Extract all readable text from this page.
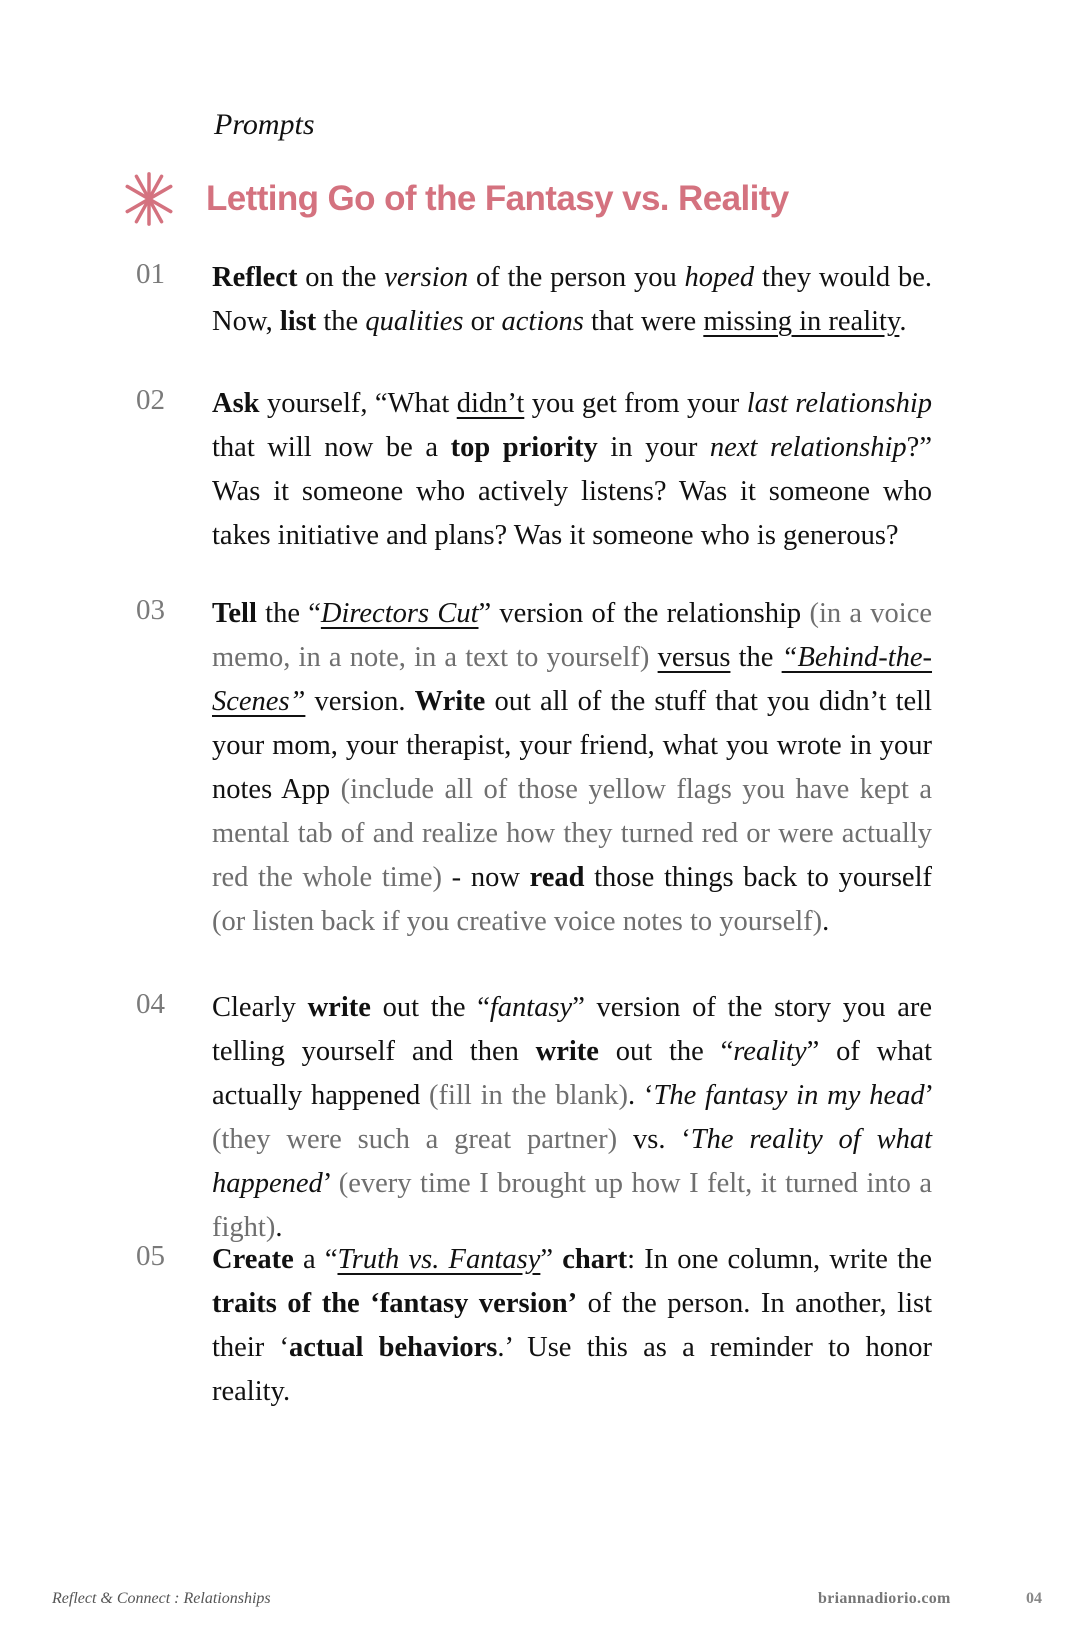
Prompts
Letting Go of the Fantasy vs. Reality
01 Reflect on the version of the person you hoped they would be. Now, list the qualities or actions that were missing in reality.
02 Ask yourself, “What didn’t you get from your last relationship that will now be a top priority in your next relationship?” Was it someone who actively listens? Was it someone who takes initiative and plans? Was it someone who is generous?
03 Tell the “Directors Cut” version of the relationship (in a voice memo, in a note, in a text to yourself) versus the “Behind-the-Scenes” version. Write out all of the stuff that you didn’t tell your mom, your therapist, your friend, what you wrote in your notes App (include all of those yellow flags you have kept a mental tab of and realize how they turned red or were actually red the whole time) - now read those things back to yourself (or listen back if you creative voice notes to yourself).
04 Clearly write out the “fantasy” version of the story you are telling yourself and then write out the “reality” of what actually happened (fill in the blank). ‘The fantasy in my head’ (they were such a great partner) vs. ‘The reality of what happened’ (every time I brought up how I felt, it turned into a fight).
05 Create a “Truth vs. Fantasy” chart: In one column, write the traits of the ‘fantasy version’ of the person. In another, list their ‘actual behaviors.’ Use this as a reminder to honor reality.
Reflect & Connect : Relationships	briannadiorio.com	04
